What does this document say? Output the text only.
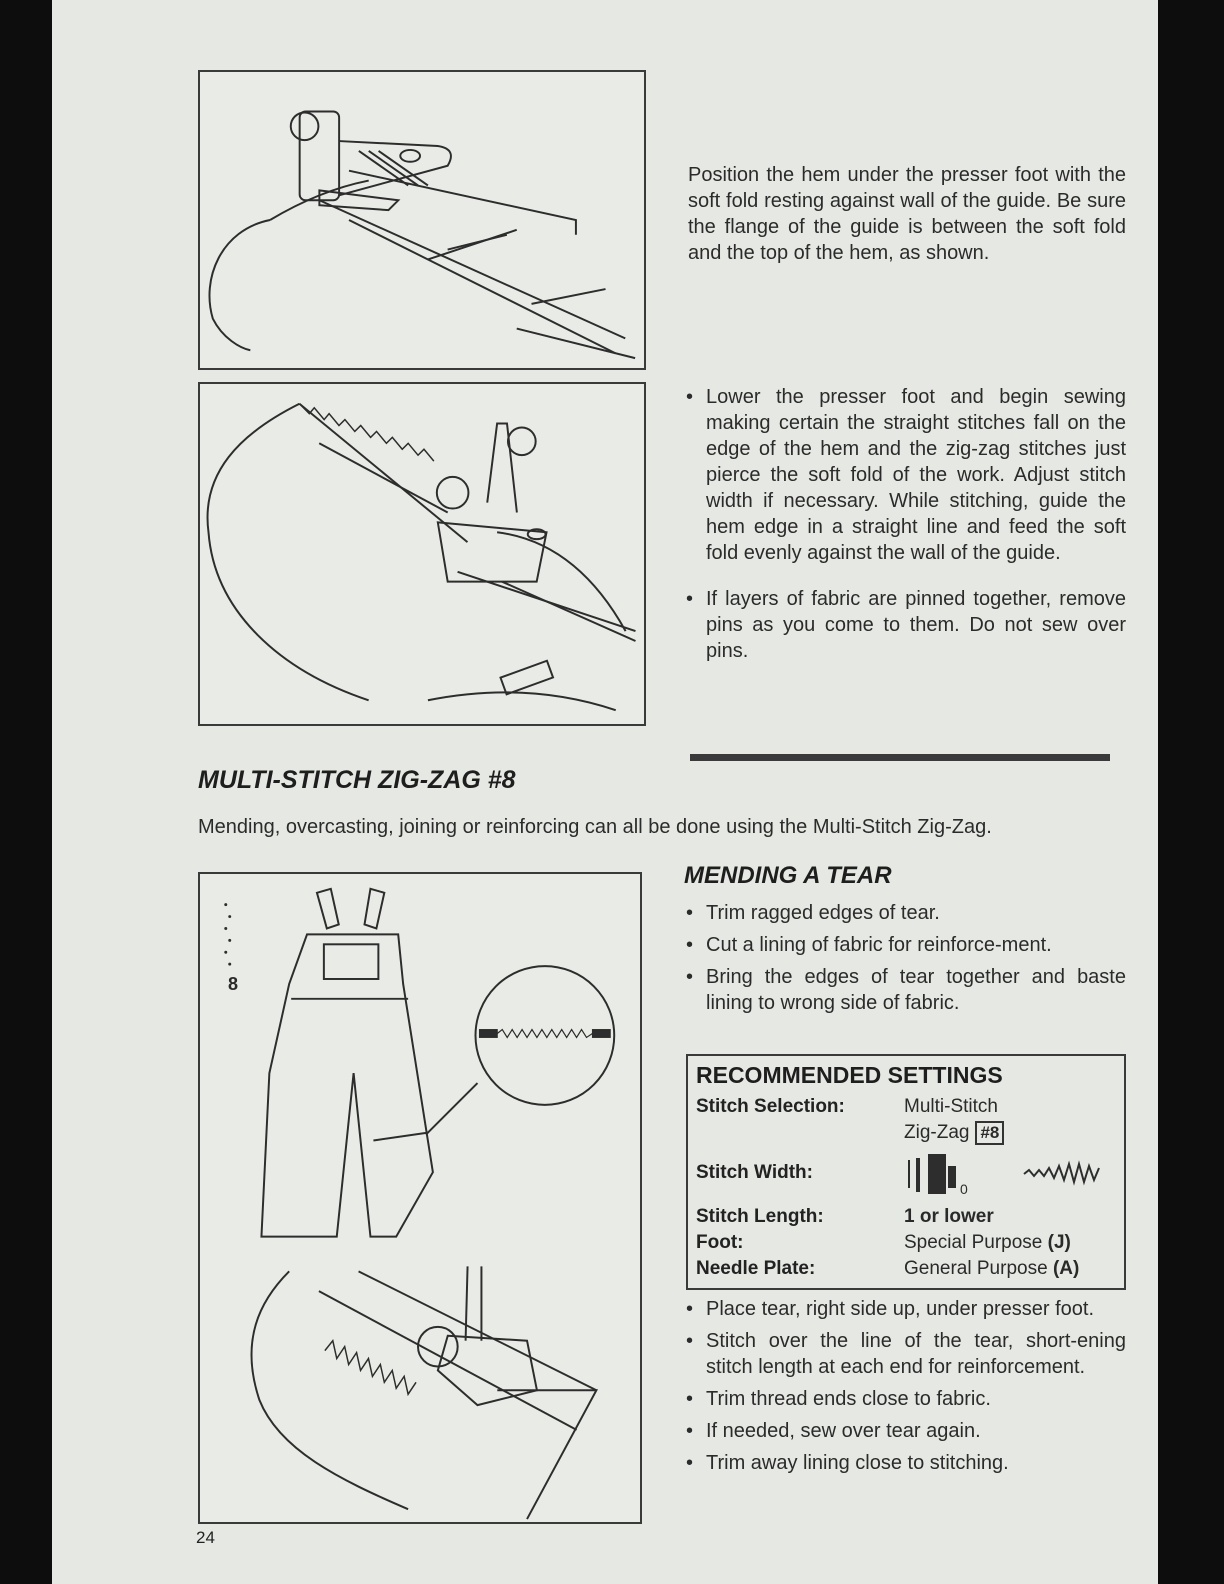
Position the hem under the presser foot with the soft fold resting against wall of the guide. Be sure the flange of the guide is between the soft fold and the top of the hem, as shown.
• Lower the presser foot and begin sewing making certain the straight stitches fall on the edge of the hem and the zig-zag stitches just pierce the soft fold of the work. Adjust stitch width if necessary. While stitching, guide the hem edge in a straight line and feed the soft fold evenly against the wall of the guide.
• If layers of fabric are pinned together, remove pins as you come to them. Do not sew over pins.
MULTI-STITCH ZIG-ZAG #8
Mending, overcasting, joining or reinforcing can all be done using the Multi-Stitch Zig-Zag.
8
MENDING A TEAR
• Trim ragged edges of tear.
• Cut a lining of fabric for reinforce-ment.
• Bring the edges of tear together and baste lining to wrong side of fabric.
RECOMMENDED SETTINGS
Stitch Selection:	Multi-Stitch
Zig-Zag #8
Stitch Width:
0
Stitch Length:	1 or lower
Foot:	Special Purpose (J)
Needle Plate:	General Purpose (A)
• Place tear, right side up, under presser foot.
• Stitch over the line of the tear, short-ening stitch length at each end for reinforcement.
• Trim thread ends close to fabric.
• If needed, sew over tear again.
• Trim away lining close to stitching.
24
